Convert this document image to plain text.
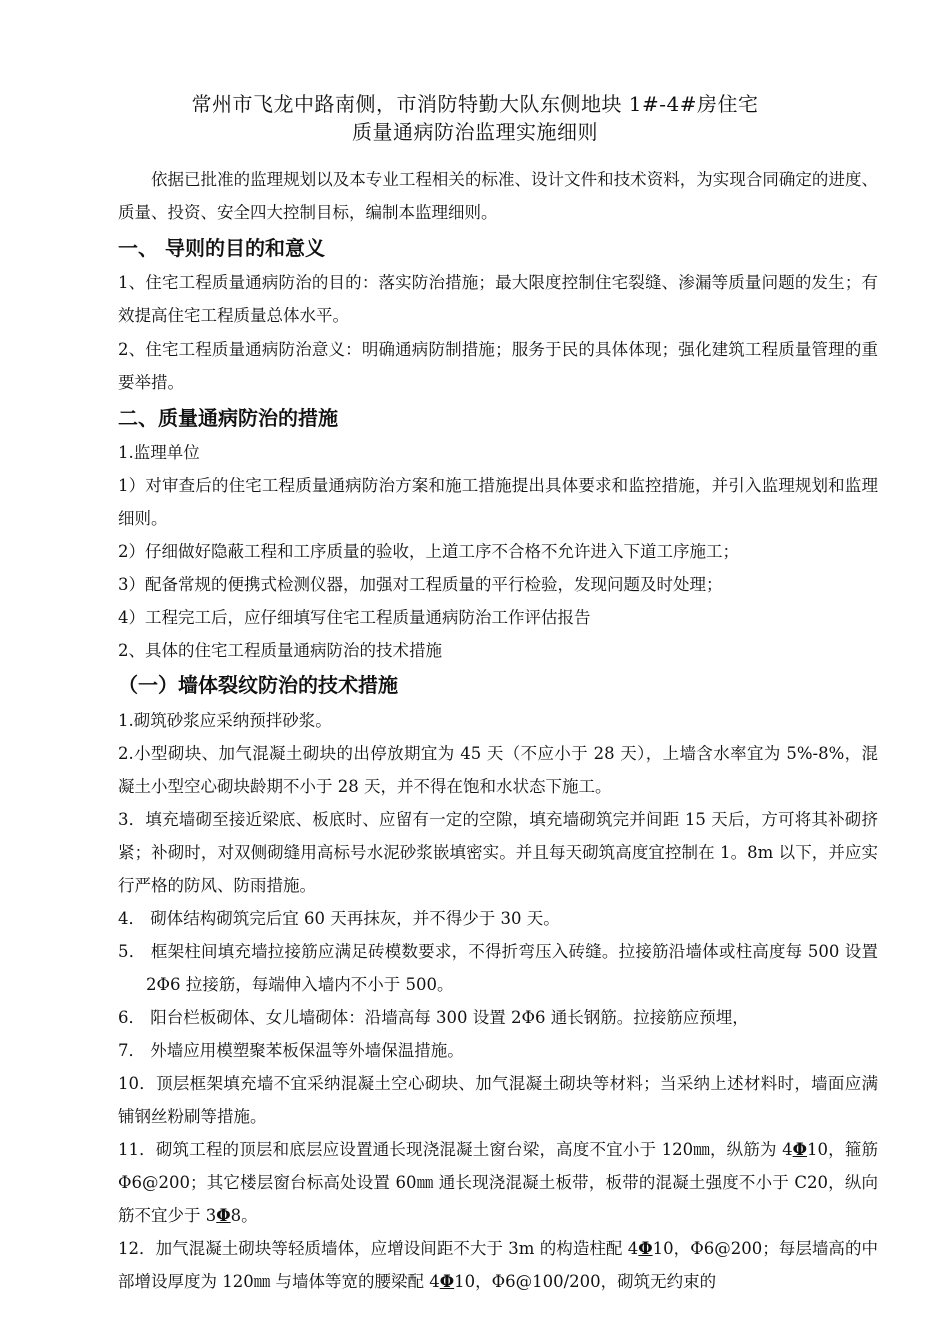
常州市飞龙中路南侧，市消防特勤大队东侧地块 1#-4#房住宅
质量通病防治监理实施细则
依据已批准的监理规划以及本专业工程相关的标准、设计文件和技术资料，为实现合同确定的进度、质量、投资、安全四大控制目标，编制本监理细则。
一、 导则的目的和意义
1、住宅工程质量通病防治的目的：落实防治措施；最大限度控制住宅裂缝、渗漏等质量问题的发生；有效提高住宅工程质量总体水平。
2、住宅工程质量通病防治意义：明确通病防制措施；服务于民的具体体现；强化建筑工程质量管理的重要举措。
二、质量通病防治的措施
1.监理单位
1）对审查后的住宅工程质量通病防治方案和施工措施提出具体要求和监控措施，并引入监理规划和监理细则。
2）仔细做好隐蔽工程和工序质量的验收，上道工序不合格不允许进入下道工序施工；
3）配备常规的便携式检测仪器，加强对工程质量的平行检验，发现问题及时处理；
4）工程完工后，应仔细填写住宅工程质量通病防治工作评估报告
2、具体的住宅工程质量通病防治的技术措施
（一）墙体裂纹防治的技术措施
1.砌筑砂浆应采纳预拌砂浆。
2.小型砌块、加气混凝土砌块的出停放期宜为 45 天（不应小于 28 天），上墙含水率宜为 5%-8%，混凝土小型空心砌块龄期不小于 28 天，并不得在饱和水状态下施工。
3．填充墙砌至接近梁底、板底时、应留有一定的空隙，填充墙砌筑完并间距 15 天后，方可将其补砌挤紧；补砌时，对双侧砌缝用高标号水泥砂浆嵌填密实。并且每天砌筑高度宜控制在 1。8m 以下，并应实行严格的防风、防雨措施。
4． 砌体结构砌筑完后宜 60 天再抹灰，并不得少于 30 天。
5． 框架柱间填充墙拉接筋应满足砖模数要求，不得折弯压入砖缝。拉接筋沿墙体或柱高度每 500 设置 2Φ6 拉接筋，每端伸入墙内不小于 500。
6． 阳台栏板砌体、女儿墙砌体：沿墙高每 300 设置 2Φ6 通长钢筋。拉接筋应预埋，
7． 外墙应用模塑聚苯板保温等外墙保温措施。
10．顶层框架填充墙不宜采纳混凝土空心砌块、加气混凝土砌块等材料；当采纳上述材料时，墙面应满铺钢丝粉刷等措施。
11．砌筑工程的顶层和底层应设置通长现浇混凝土窗台梁，高度不宜小于 120㎜，纵筋为 4Φ10，箍筋 Φ6@200；其它楼层窗台标高处设置 60㎜ 通长现浇混凝土板带，板带的混凝土强度不小于 C20，纵向筋不宜少于 3Φ8。
12．加气混凝土砌块等轻质墙体，应增设间距不大于 3m 的构造柱配 4Φ10，Φ6@200；每层墙高的中部增设厚度为 120㎜ 与墙体等宽的腰梁配 4Φ10，Φ6@100/200，砌筑无约束的
